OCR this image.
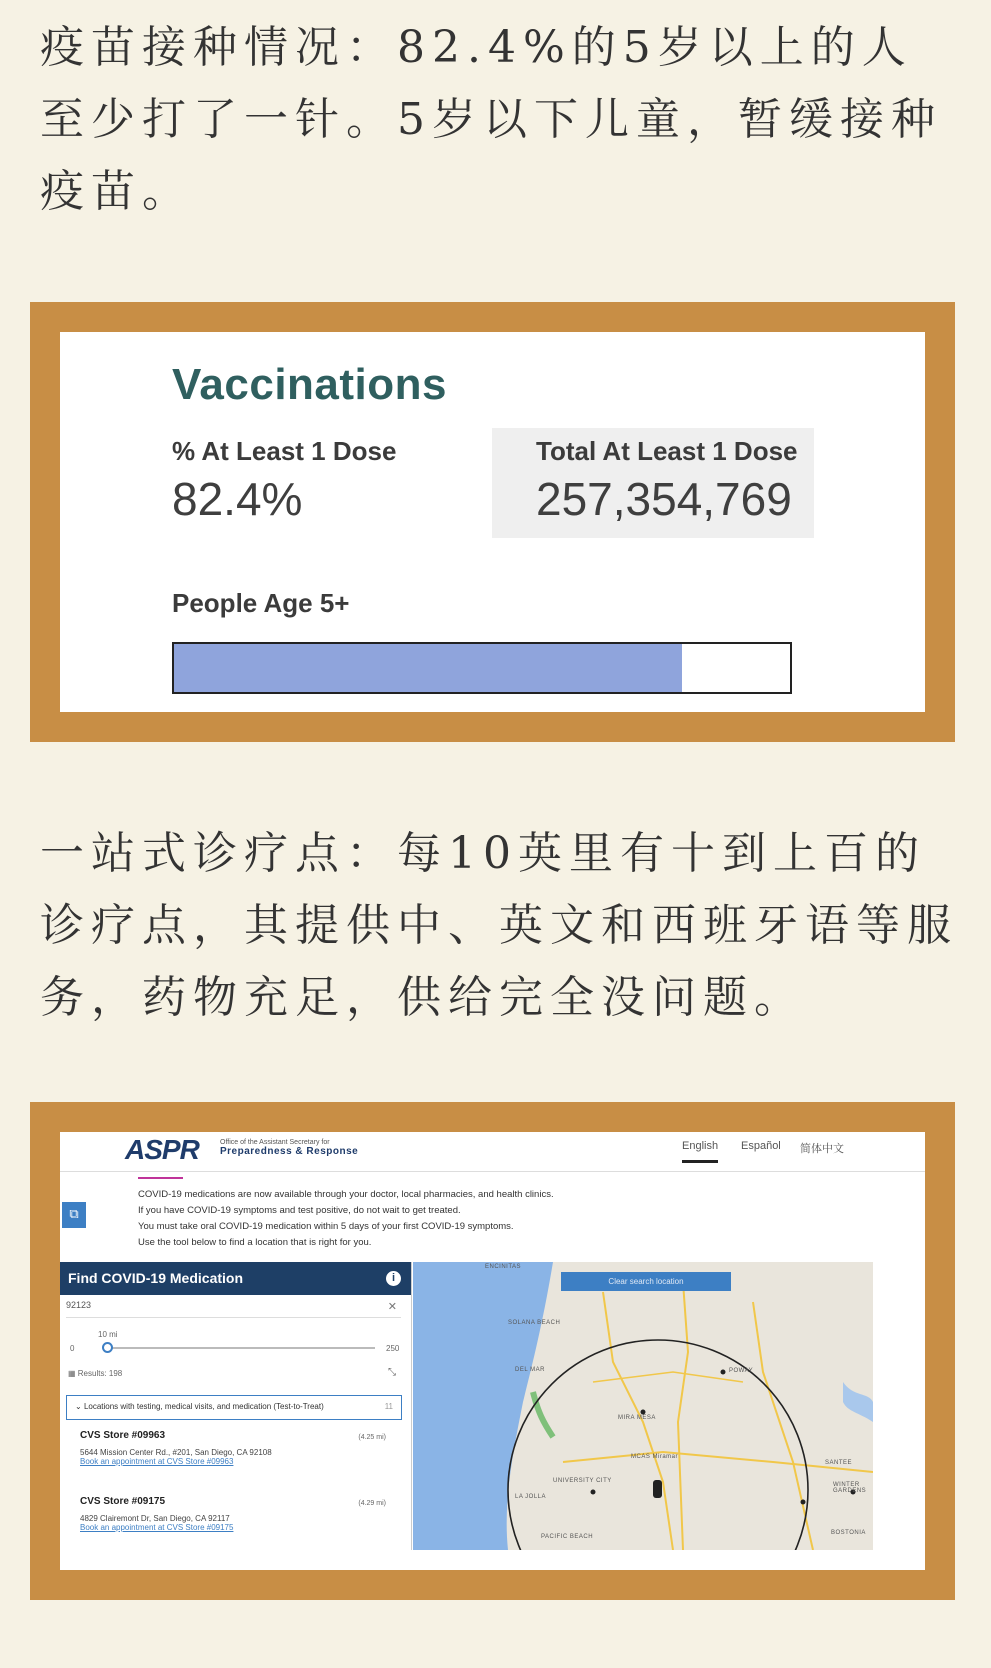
疫苗接种情况：82.4%的5岁以上的人至少打了一针。5岁以下儿童，暂缓接种疫苗。
Vaccinations
% At Least 1 Dose
82.4%
Total At Least 1 Dose
257,354,769
People Age 5+
一站式诊疗点：每10英里有十到上百的诊疗点，其提供中、英文和西班牙语等服务，药物充足，供给完全没问题。
ASPR	Office of the Assistant Secretary for
Preparedness & Response	English Español 简体中文
COVID-19 medications are now available through your doctor, local pharmacies, and health clinics.
If you have COVID-19 symptoms and test positive, do not wait to get treated.
You must take oral COVID-19 medication within 5 days of your first COVID-19 symptoms.
Use the tool below to find a location that is right for you.
⧉
Find COVID-19 Medication	i
92123	✕
10 mi
0	250
▦ Results: 198	⤡
⌄ Locations with testing, medical visits, and medication (Test-to-Treat)	11
CVS Store #09963
5644 Mission Center Rd., #201, San Diego, CA 92108
Book an appointment at CVS Store #09963
(4.25 mi)
CVS Store #09175
4829 Clairemont Dr, San Diego, CA 92117
Book an appointment at CVS Store #09175
(4.29 mi)
Clear search location
ENCINITAS
SOLANA BEACH
DEL MAR	POWAY
MIRA MESA
UNIVERSITY CITY
LA JOLLA
SANTEE
WINTER GARDENS
PACIFIC BEACH
BOSTONIA
MCAS Miramar
